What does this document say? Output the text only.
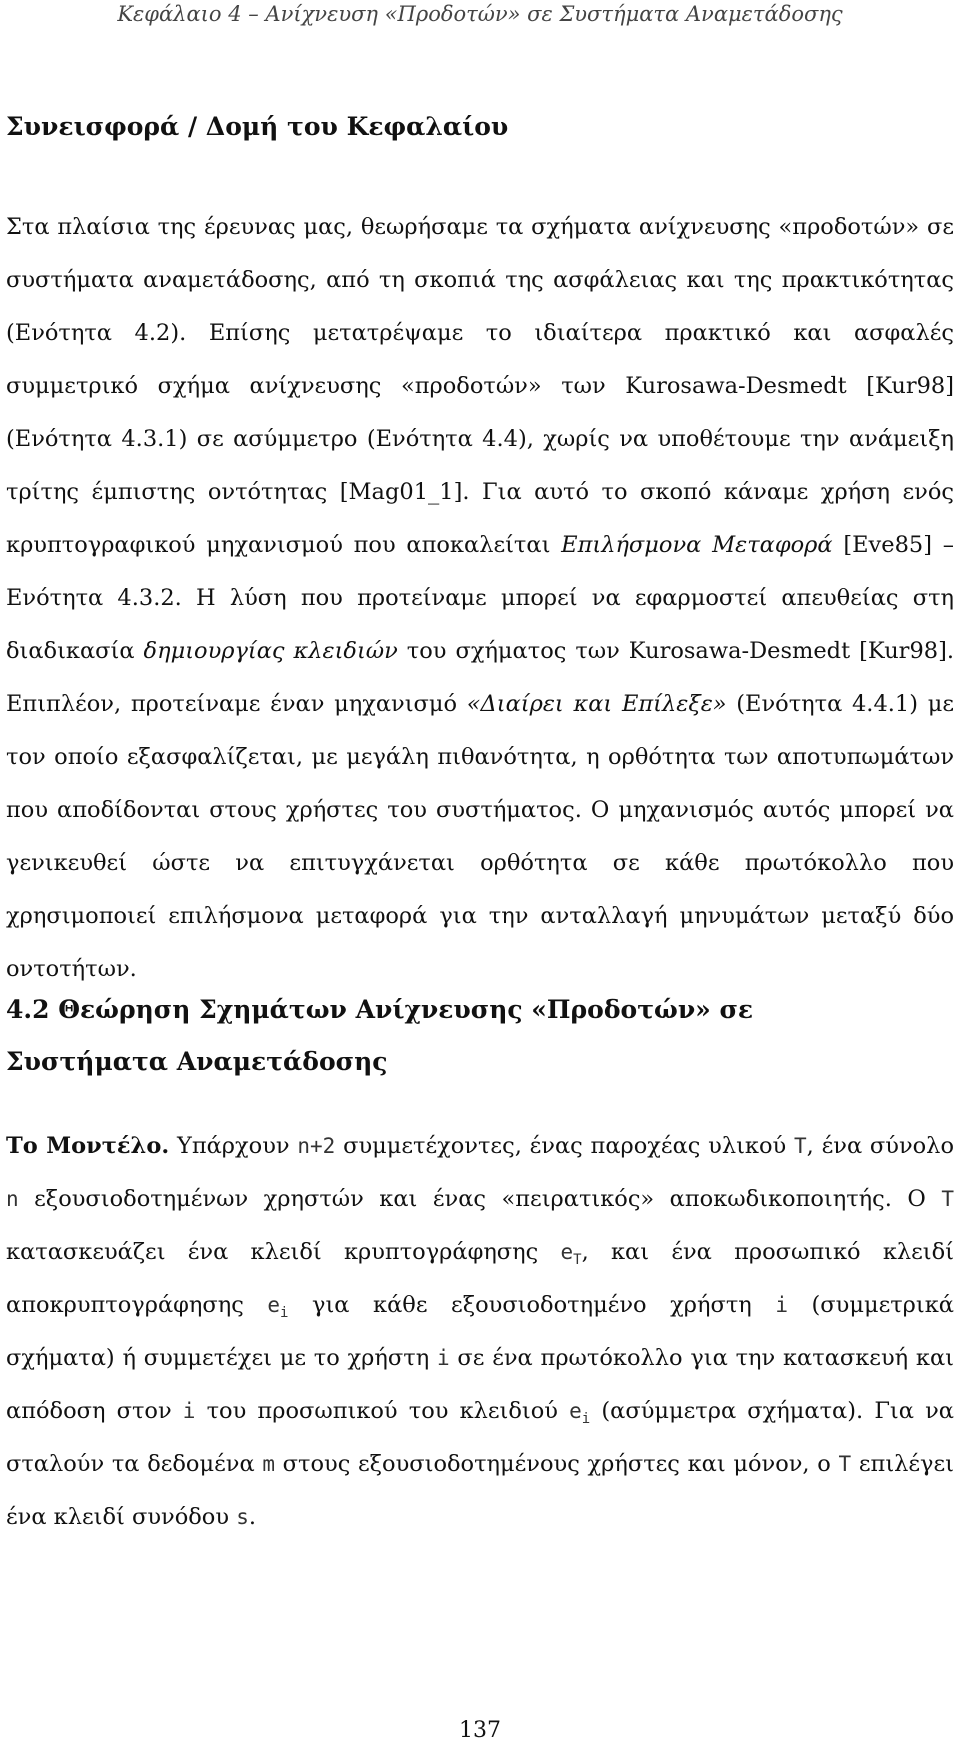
Κεφάλαιο 4 – Ανίχνευση «Προδοτών» σε Συστήματα Αναμετάδοσης
Συνεισφορά / Δομή του Κεφαλαίου
Στα πλαίσια της έρευνας μας, θεωρήσαμε τα σχήματα ανίχνευσης «προδοτών» σε συστήματα αναμετάδοσης, από τη σκοπιά της ασφάλειας και της πρακτικότητας (Ενότητα 4.2). Επίσης μετατρέψαμε το ιδιαίτερα πρακτικό και ασφαλές συμμετρικό σχήμα ανίχνευσης «προδοτών» των Kurosawa-Desmedt [Kur98] (Ενότητα 4.3.1) σε ασύμμετρο (Ενότητα 4.4), χωρίς να υποθέτουμε την ανάμειξη τρίτης έμπιστης οντότητας [Mag01_1]. Για αυτό το σκοπό κάναμε χρήση ενός κρυπτογραφικού μηχανισμού που αποκαλείται Επιλήσμονα Μεταφορά [Eve85] – Ενότητα 4.3.2. Η λύση που προτείναμε μπορεί να εφαρμοστεί απευθείας στη διαδικασία δημιουργίας κλειδιών του σχήματος των Kurosawa-Desmedt [Kur98]. Επιπλέον, προτείναμε έναν μηχανισμό «Διαίρει και Επίλεξε» (Ενότητα 4.4.1) με τον οποίο εξασφαλίζεται, με μεγάλη πιθανότητα, η ορθότητα των αποτυπωμάτων που αποδίδονται στους χρήστες του συστήματος. Ο μηχανισμός αυτός μπορεί να γενικευθεί ώστε να επιτυγχάνεται ορθότητα σε κάθε πρωτόκολλο που χρησιμοποιεί επιλήσμονα μεταφορά για την ανταλλαγή μηνυμάτων μεταξύ δύο οντοτήτων.
4.2 Θεώρηση Σχημάτων Ανίχνευσης «Προδοτών» σε
Συστήματα Αναμετάδοσης
Το Μοντέλο. Υπάρχουν n+2 συμμετέχοντες, ένας παροχέας υλικού T, ένα σύνολο n εξουσιοδοτημένων χρηστών και ένας «πειρατικός» αποκωδικοποιητής. Ο T κατασκευάζει ένα κλειδί κρυπτογράφησης $e_T$, και ένα προσωπικό κλειδί αποκρυπτογράφησης $e_i$ για κάθε εξουσιοδοτημένο χρήστη i (συμμετρικά σχήματα) ή συμμετέχει με το χρήστη i σε ένα πρωτόκολλο για την κατασκευή και απόδοση στον i του προσωπικού του κλειδιού $e_i$ (ασύμμετρα σχήματα). Για να σταλούν τα δεδομένα m στους εξουσιοδοτημένους χρήστες και μόνον, ο T επιλέγει ένα κλειδί συνόδου s.
137
